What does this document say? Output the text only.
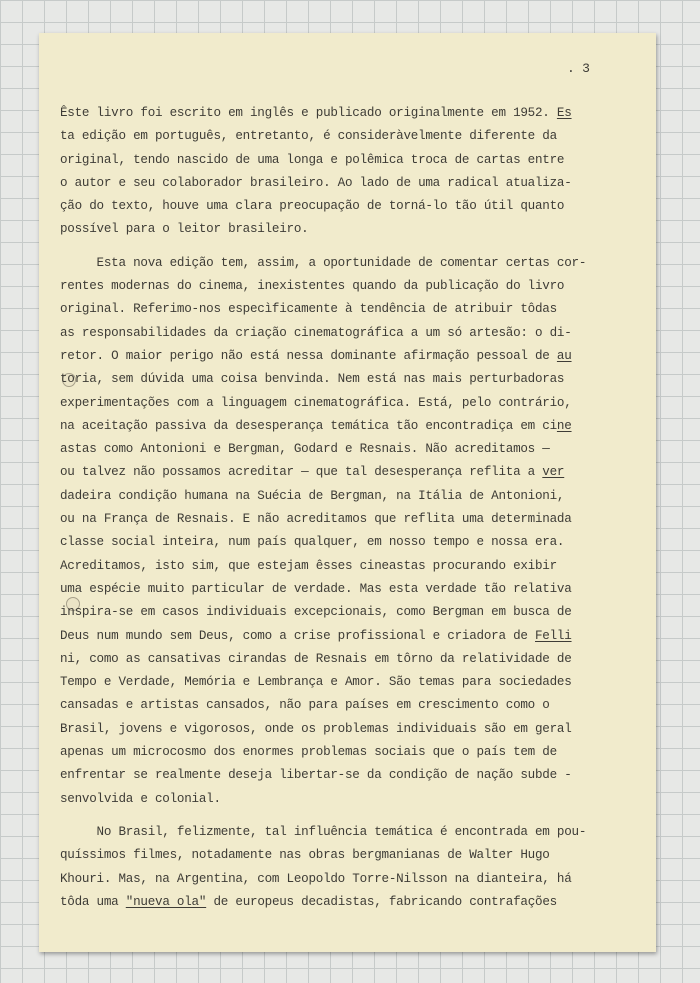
. 3
Êste livro foi escrito em inglês e publicado originalmente em 1952. Es
ta edição em português, entretanto, é consideràvelmente diferente da
original, tendo nascido de uma longa e polêmica troca de cartas entre
o autor e seu colaborador brasileiro. Ao lado de uma radical atualiza-
ção do texto, houve uma clara preocupação de torná-lo tão útil quanto
possível para o leitor brasileiro.
Esta nova edição tem, assim, a oportunidade de comentar certas cor-
rentes modernas do cinema, inexistentes quando da publicação do livro
original. Referimo-nos especìficamente à tendência de atribuir tôdas
as responsabilidades da criação cinematográfica a um só artesão: o di-
retor. O maior perigo não está nessa dominante afirmação pessoal de au
toria, sem dúvida uma coisa benvinda. Nem está nas mais perturbadoras
experimentações com a linguagem cinematográfica. Está, pelo contrário,
na aceitação passiva da desesperança temática tão encontradiça em cine
astas como Antonioni e Bergman, Godard e Resnais. Não acreditamos —
ou talvez não possamos acreditar — que tal desesperança reflita a ver
dadeira condição humana na Suécia de Bergman, na Itália de Antonioni,
ou na França de Resnais. E não acreditamos que reflita uma determinada
classe social inteira, num país qualquer, em nosso tempo e nossa era.
Acreditamos, isto sim, que estejam êsses cineastas procurando exibir
uma espécie muito particular de verdade. Mas esta verdade tão relativa
inspira-se em casos individuais excepcionais, como Bergman em busca de
Deus num mundo sem Deus, como a crise profissional e criadora de Felli
ni, como as cansativas cirandas de Resnais em tôrno da relatividade de
Tempo e Verdade, Memória e Lembrança e Amor. São temas para sociedades
cansadas e artistas cansados, não para países em crescimento como o
Brasil, jovens e vigorosos, onde os problemas individuais são em geral
apenas um microcosmo dos enormes problemas sociais que o país tem de
enfrentar se realmente deseja libertar-se da condição de nação subde -
senvolvida e colonial.
No Brasil, felizmente, tal influência temática é encontrada em pou-
quíssimos filmes, notadamente nas obras bergmanianas de Walter Hugo
Khouri. Mas, na Argentina, com Leopoldo Torre-Nilsson na dianteira, há
tôda uma "nueva ola" de europeus decadistas, fabricando contrafações
